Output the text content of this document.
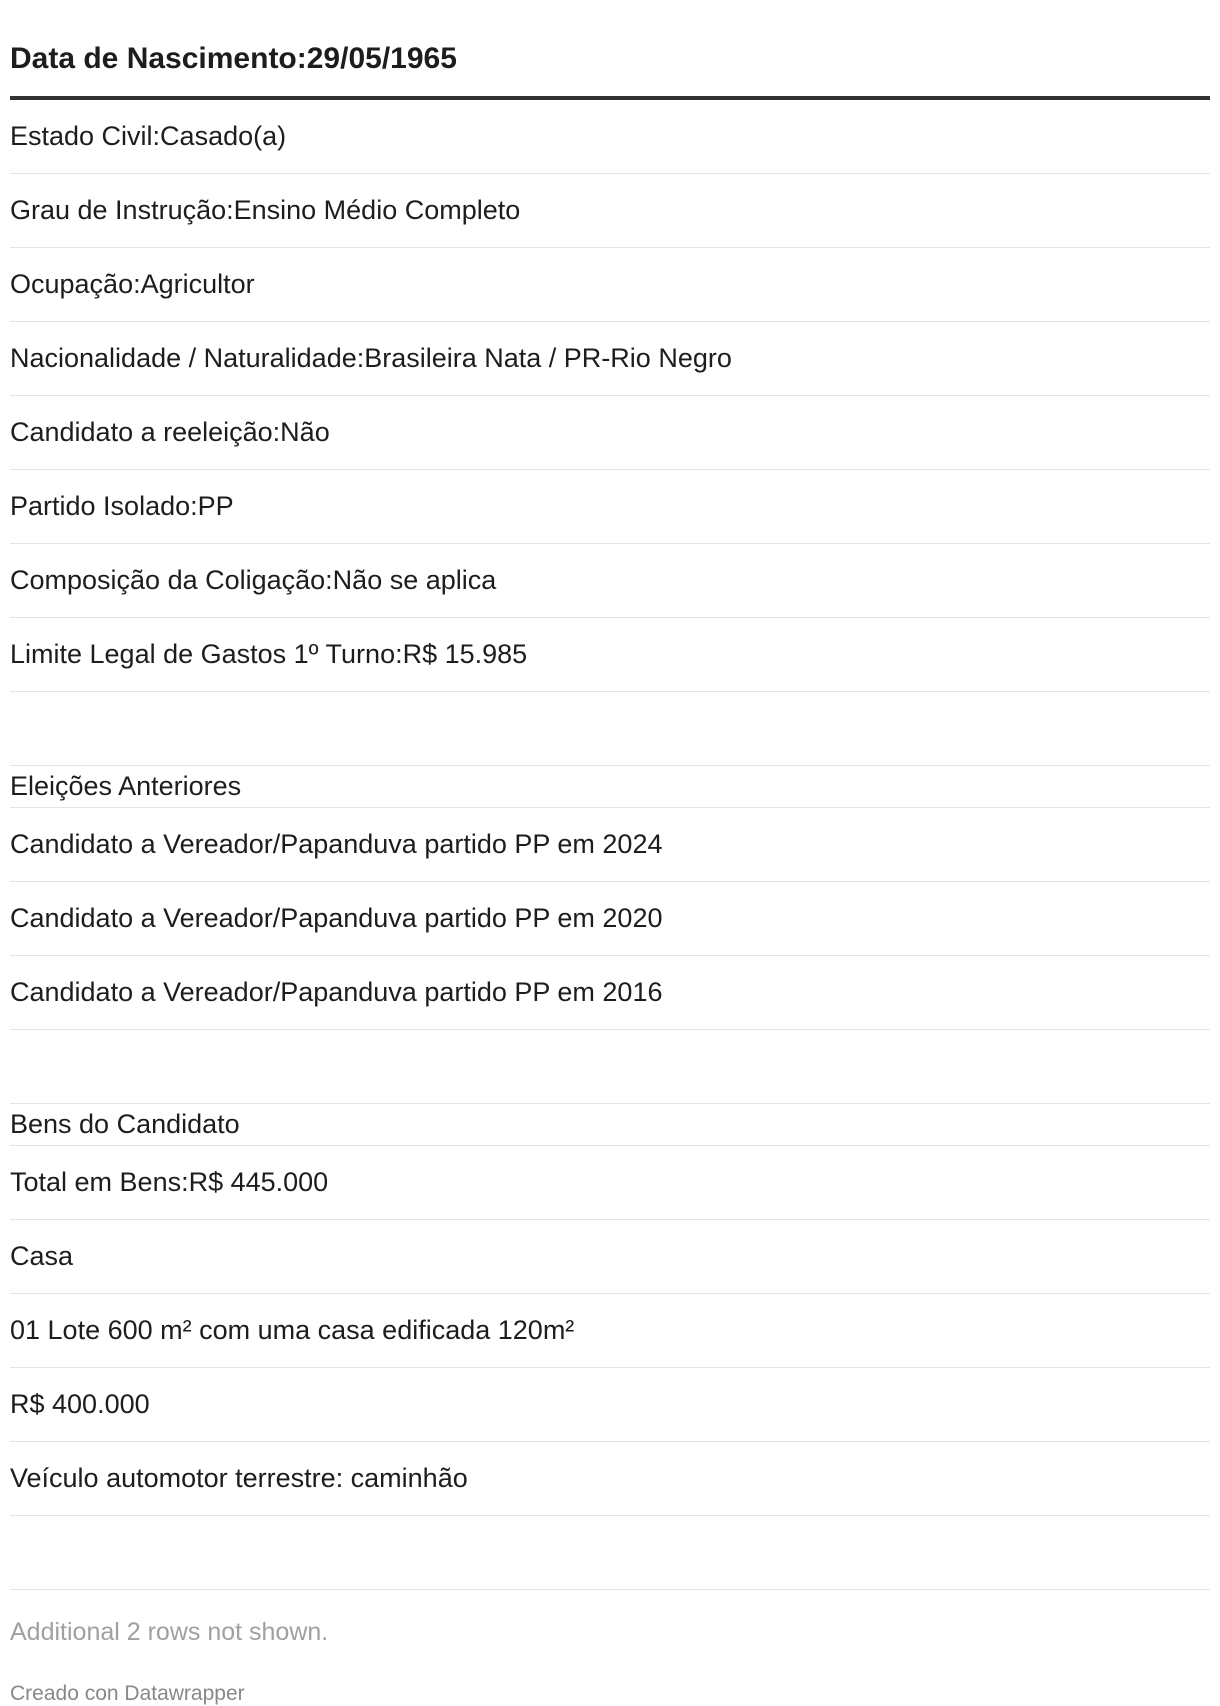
Data de Nascimento:29/05/1965
Estado Civil:Casado(a)
Grau de Instrução:Ensino Médio Completo
Ocupação:Agricultor
Nacionalidade / Naturalidade:Brasileira Nata / PR-Rio Negro
Candidato a reeleição:Não
Partido Isolado:PP
Composição da Coligação:Não se aplica
Limite Legal de Gastos 1º Turno:R$ 15.985
Eleições Anteriores
Candidato a Vereador/Papanduva partido PP em 2024
Candidato a Vereador/Papanduva partido PP em 2020
Candidato a Vereador/Papanduva partido PP em 2016
Bens do Candidato
Total em Bens:R$ 445.000
Casa
01 Lote 600 m² com uma casa edificada 120m²
R$ 400.000
Veículo automotor terrestre: caminhão
Additional 2 rows not shown.
Creado con Datawrapper
